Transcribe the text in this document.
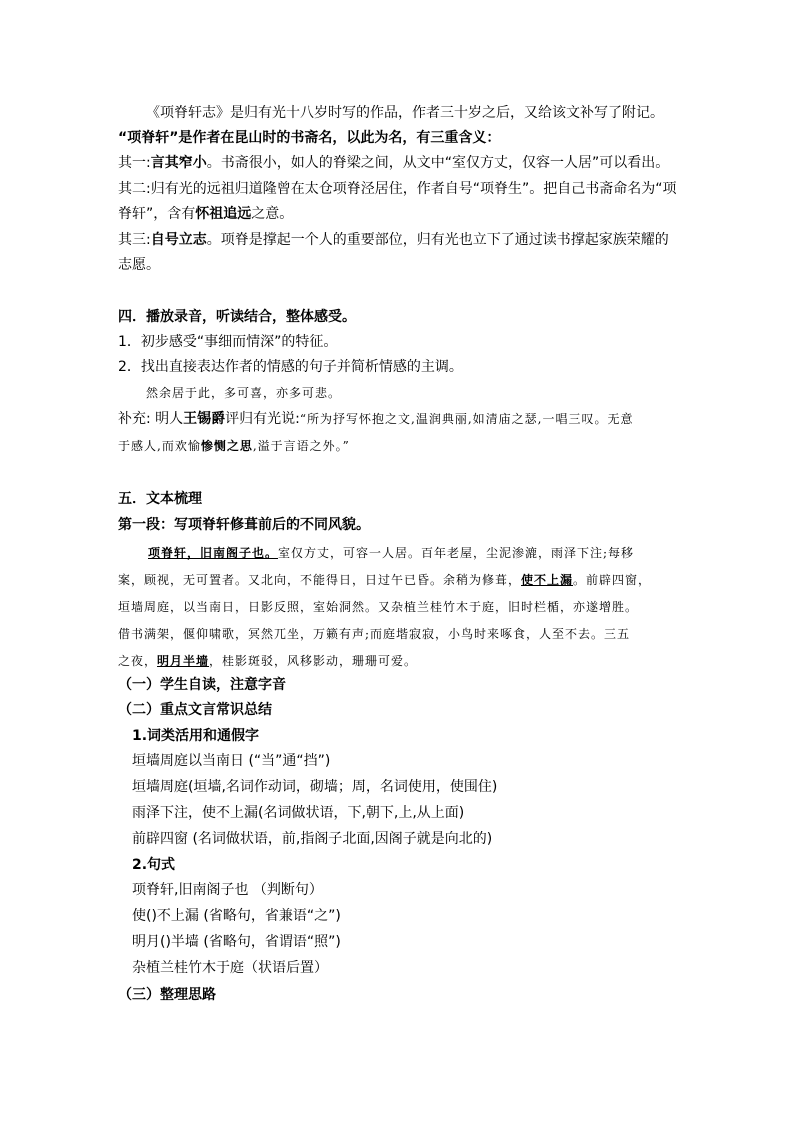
《项脊轩志》是归有光十八岁时写的作品，作者三十岁之后，又给该文补写了附记。
“项脊轩”是作者在昆山时的书斋名，以此为名，有三重含义：
其一:言其窄小。书斋很小，如人的脊梁之间，从文中“室仅方丈，仅容一人居”可以看出。
其二:归有光的远祖归道隆曾在太仓项脊泾居住，作者自号“项脊生”。把自己书斋命名为“项
脊轩”，含有怀祖追远之意。
其三:自号立志。项脊是撑起一个人的重要部位，归有光也立下了通过读书撑起家族荣耀的
志愿。
四．播放录音，听读结合，整体感受。
1．初步感受“事细而情深”的特征。
2．找出直接表达作者的情感的句子并简析情感的主调。
然余居于此，多可喜，亦多可悲。
补充: 明人王锡爵评归有光说:“所为抒写怀抱之文,温润典丽,如清庙之瑟,一唱三叹。无意
于感人,而欢愉惨恻之思,溢于言语之外。”
五．文本梳理
第一段：写项脊轩修葺前后的不同风貌。
项脊轩，旧南阁子也。室仅方丈，可容一人居。百年老屋，尘泥渗漉，雨泽下注;每移
案，顾视，无可置者。又北向，不能得日，日过午已昏。余稍为修葺，使不上漏。前辟四窗，
垣墙周庭，以当南日，日影反照，室始洞然。又杂植兰桂竹木于庭，旧时栏楯，亦遂增胜。
借书满架，偃仰啸歌，冥然兀坐，万籁有声;而庭堦寂寂，小鸟时来啄食，人至不去。三五
之夜，明月半墙，桂影斑驳，风移影动，珊珊可爱。
（一）学生自读，注意字音
（二）重点文言常识总结
1.词类活用和通假字
垣墙周庭以当南日 (“当”通“挡”)
垣墙周庭(垣墙,名词作动词，砌墙；周，名词使用，使围住)
雨泽下注，使不上漏(名词做状语，下,朝下,上,从上面)
前辟四窗 (名词做状语，前,指阁子北面,因阁子就是向北的)
2.句式
项脊轩,旧南阁子也 （判断句）
使()不上漏 (省略句，省兼语“之”)
明月()半墙 (省略句，省谓语“照”)
杂植兰桂竹木于庭（状语后置）
（三）整理思路
